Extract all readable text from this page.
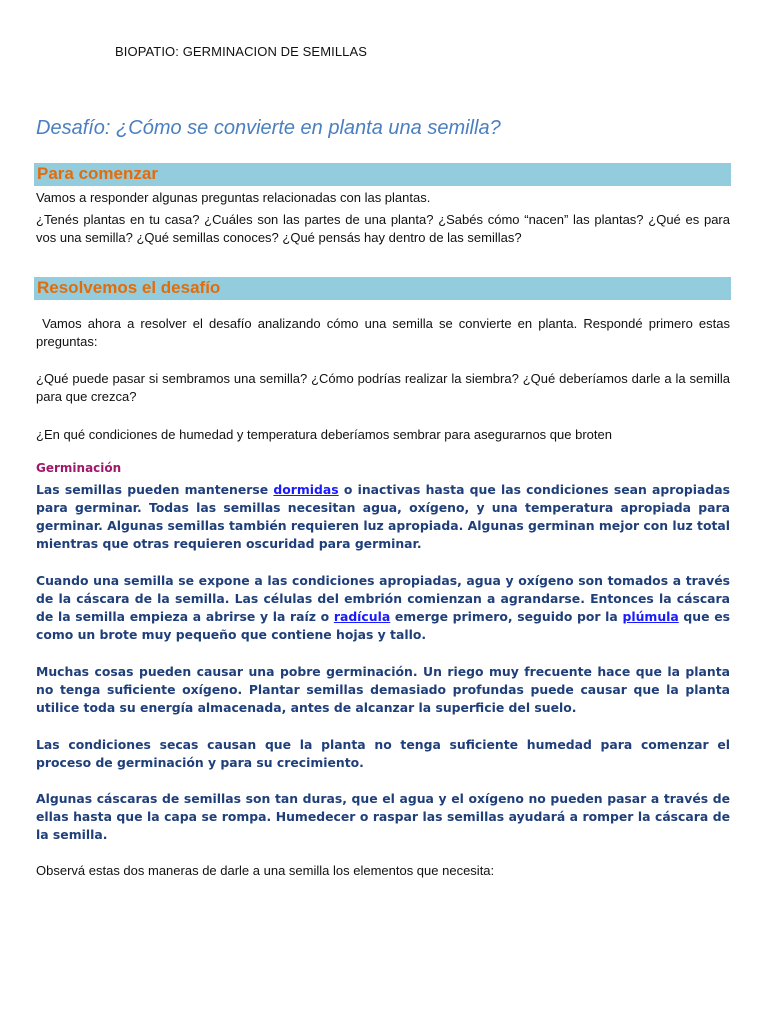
BIOPATIO: GERMINACION DE SEMILLAS
Desafío: ¿Cómo se convierte en planta una semilla?
Para comenzar
Vamos a responder algunas preguntas relacionadas con las plantas.
¿Tenés plantas en tu casa? ¿Cuáles son las partes de una planta? ¿Sabés cómo “nacen” las plantas? ¿Qué es para vos una semilla? ¿Qué semillas conoces? ¿Qué pensás hay dentro de las semillas?
Resolvemos el desafío
Vamos ahora a resolver el desafío analizando cómo una semilla se convierte en planta. Respondé primero estas preguntas:
¿Qué puede pasar si sembramos una semilla? ¿Cómo podrías realizar la siembra? ¿Qué deberíamos darle a la semilla para que crezca?
¿En qué condiciones de humedad y temperatura deberíamos sembrar para asegurarnos que broten
Germinación
Las semillas pueden mantenerse dormidas o inactivas hasta que las condiciones sean apropiadas para germinar. Todas las semillas necesitan agua, oxígeno, y una temperatura apropiada para germinar. Algunas semillas también requieren luz apropiada. Algunas germinan mejor con luz total mientras que otras requieren oscuridad para germinar.
Cuando una semilla se expone a las condiciones apropiadas, agua y oxígeno son tomados a través de la cáscara de la semilla. Las células del embrión comienzan a agrandarse. Entonces la cáscara de la semilla empieza a abrirse y la raíz o radícula emerge primero, seguido por la plúmula que es como un brote muy pequeño que contiene hojas y tallo.
Muchas cosas pueden causar una pobre germinación. Un riego muy frecuente hace que la planta no tenga suficiente oxígeno. Plantar semillas demasiado profundas puede causar que la planta utilice toda su energía almacenada, antes de alcanzar la superficie del suelo.
Las condiciones secas causan que la planta no tenga suficiente humedad para comenzar el proceso de germinación y para su crecimiento.
Algunas cáscaras de semillas son tan duras, que el agua y el oxígeno no pueden pasar a través de ellas hasta que la capa se rompa. Humedecer o raspar las semillas ayudará a romper la cáscara de la semilla.
Observá estas dos maneras de darle a una semilla los elementos que necesita:
